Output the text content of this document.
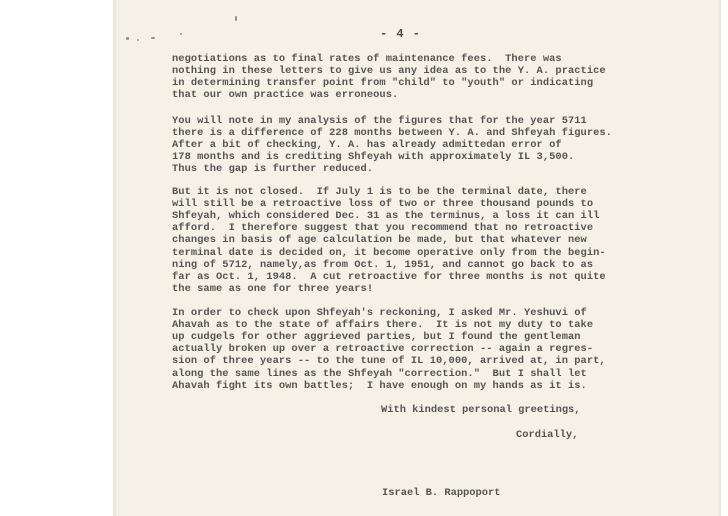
- 4 -
negotiations as to final rates of maintenance fees.  There was
nothing in these letters to give us any idea as to the Y. A. practice
in determining transfer point from "child" to "youth" or indicating
that our own practice was erroneous.
You will note in my analysis of the figures that for the year 5711
there is a difference of 228 months between Y. A. and Shfeyah figures.
After a bit of checking, Y. A. has already admittedan error of
178 months and is crediting Shfeyah with approximately IL 3,500.
Thus the gap is further reduced.
But it is not closed.  If July 1 is to be the terminal date, there
will still be a retroactive loss of two or three thousand pounds to
Shfeyah, which considered Dec. 31 as the terminus, a loss it can ill
afford.  I therefore suggest that you recommend that no retroactive
changes in basis of age calculation be made, but that whatever new
terminal date is decided on, it become operative only from the begin-
ning of 5712, namely,as from Oct. 1, 1951, and cannot go back to as
far as Oct. 1, 1948.  A cut retroactive for three months is not quite
the same as one for three years!
In order to check upon Shfeyah's reckoning, I asked Mr. Yeshuvi of
Ahavah as to the state of affairs there.  It is not my duty to take
up cudgels for other aggrieved parties, but I found the gentleman
actually broken up over a retroactive correction -- again a regres-
sion of three years -- to the tune of IL 10,000, arrived at, in part,
along the same lines as the Shfeyah "correction."  But I shall let
Ahavah fight its own battles;  I have enough on my hands as it is.
With kindest personal greetings,
Cordially,
Israel B. Rappoport
